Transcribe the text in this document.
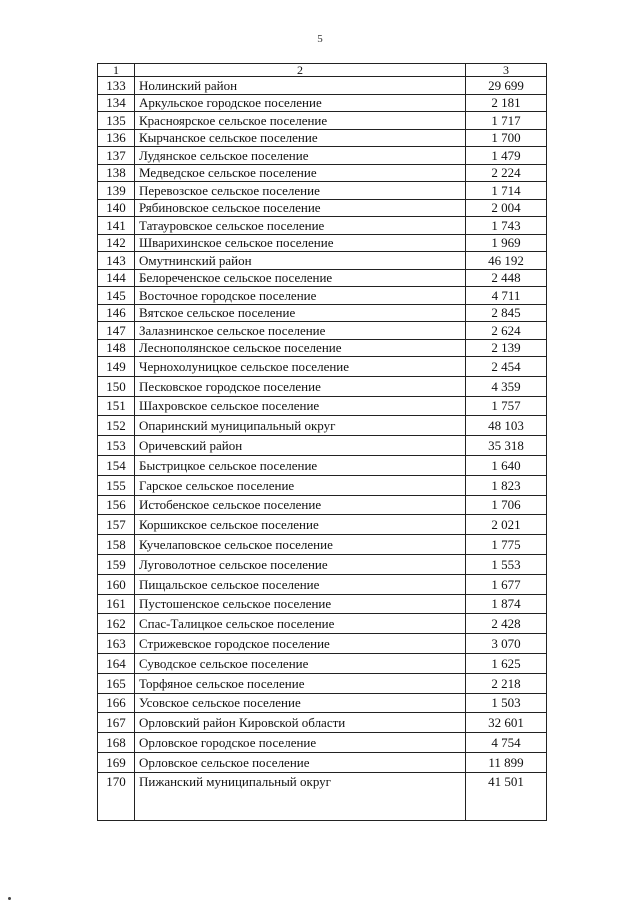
5
1	2	3
133	Нолинский район	29 699
134	Аркульское городское поселение	2 181
135	Красноярское сельское поселение	1 717
136	Кырчанское сельское поселение	1 700
137	Лудянское сельское поселение	1 479
138	Медведское сельское поселение	2 224
139	Перевозское сельское поселение	1 714
140	Рябиновское сельское поселение	2 004
141	Татауровское сельское поселение	1 743
142	Шварихинское сельское поселение	1 969
143	Омутнинский район	46 192
144	Белореченское сельское поселение	2 448
145	Восточное городское поселение	4 711
146	Вятское сельское поселение	2 845
147	Залазнинское сельское поселение	2 624
148	Леснополянское сельское поселение	2 139
149	Чернохолуницкое сельское поселение	2 454
150	Песковское городское поселение	4 359
151	Шахровское сельское поселение	1 757
152	Опаринский муниципальный округ	48 103
153	Оричевский район	35 318
154	Быстрицкое сельское поселение	1 640
155	Гарское сельское поселение	1 823
156	Истобенское сельское поселение	1 706
157	Коршикское сельское поселение	2 021
158	Кучелаповское сельское поселение	1 775
159	Луговолотное сельское поселение	1 553
160	Пищальское сельское поселение	1 677
161	Пустошенское сельское поселение	1 874
162	Спас-Талицкое сельское поселение	2 428
163	Стрижевское городское поселение	3 070
164	Суводское сельское поселение	1 625
165	Торфяное сельское поселение	2 218
166	Усовское сельское поселение	1 503
167	Орловский район Кировской области	32 601
168	Орловское городское поселение	4 754
169	Орловское сельское поселение	11 899
170	Пижанский муниципальный округ	41 501
